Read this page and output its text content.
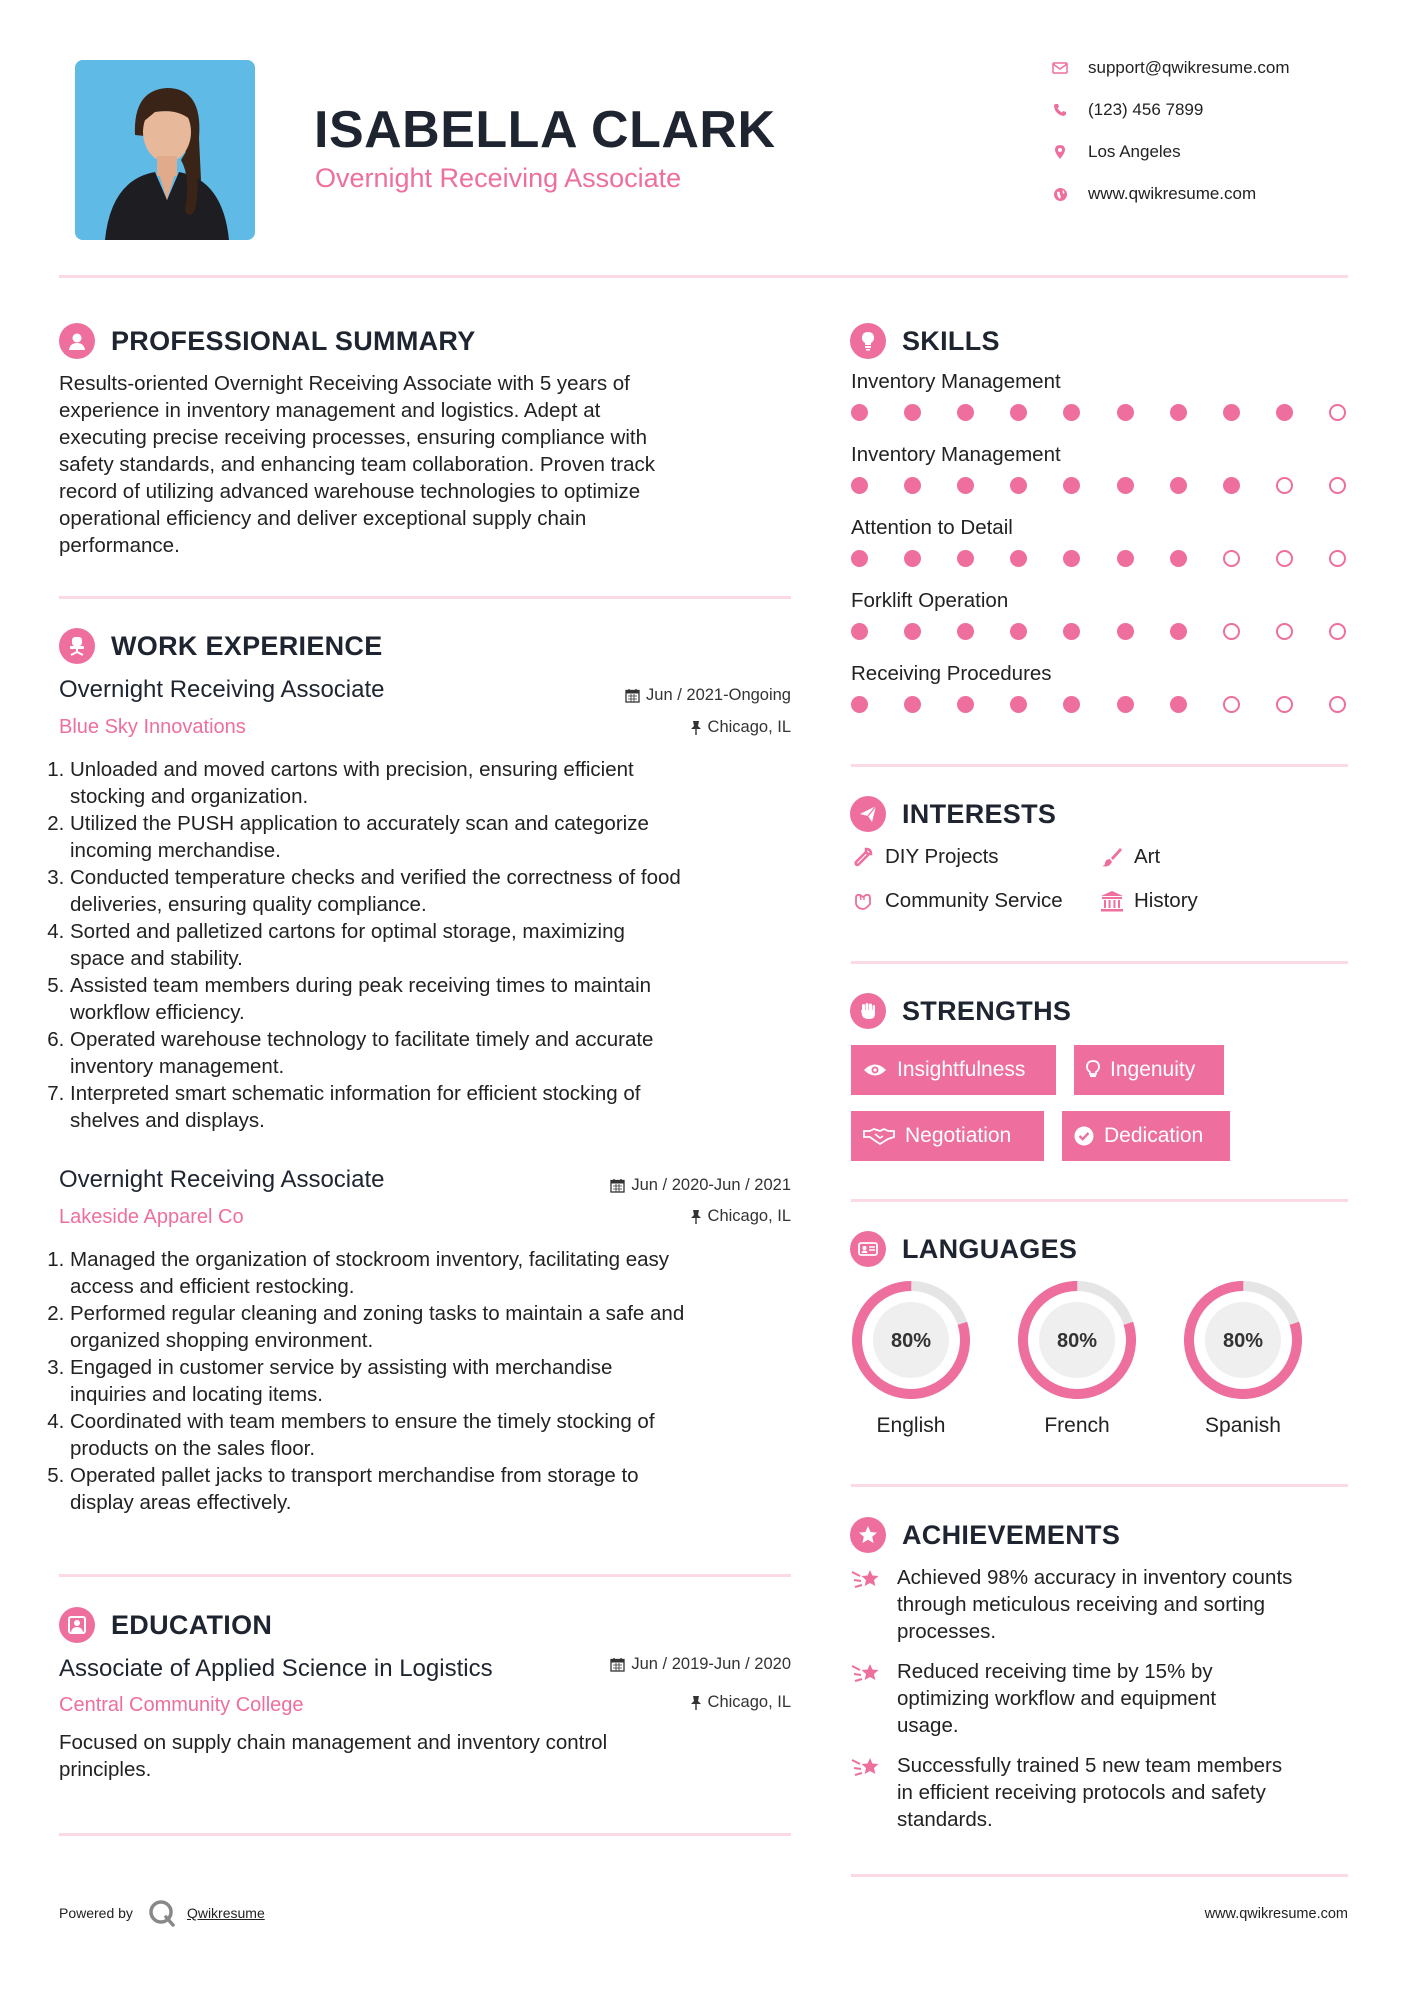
ISABELLA CLARK
Overnight Receiving Associate
support@qwikresume.com
(123) 456 7899
Los Angeles
www.qwikresume.com
PROFESSIONAL SUMMARY
Results-oriented Overnight Receiving Associate with 5 years of
experience in inventory management and logistics. Adept at
executing precise receiving processes, ensuring compliance with
safety standards, and enhancing team collaboration. Proven track
record of utilizing advanced warehouse technologies to optimize
operational efficiency and deliver exceptional supply chain
performance.
WORK EXPERIENCE
Overnight Receiving Associate
Blue Sky Innovations
Jun / 2021-Ongoing
Chicago, IL
1. Unloaded and moved cartons with precision, ensuring efficient
stocking and organization.
2. Utilized the PUSH application to accurately scan and categorize
incoming merchandise.
3. Conducted temperature checks and verified the correctness of food
deliveries, ensuring quality compliance.
4. Sorted and palletized cartons for optimal storage, maximizing
space and stability.
5. Assisted team members during peak receiving times to maintain
workflow efficiency.
6. Operated warehouse technology to facilitate timely and accurate
inventory management.
7. Interpreted smart schematic information for efficient stocking of
shelves and displays.
Overnight Receiving Associate
Lakeside Apparel Co
Jun / 2020-Jun / 2021
Chicago, IL
1. Managed the organization of stockroom inventory, facilitating easy
access and efficient restocking.
2. Performed regular cleaning and zoning tasks to maintain a safe and
organized shopping environment.
3. Engaged in customer service by assisting with merchandise
inquiries and locating items.
4. Coordinated with team members to ensure the timely stocking of
products on the sales floor.
5. Operated pallet jacks to transport merchandise from storage to
display areas effectively.
EDUCATION
Associate of Applied Science in Logistics
Central Community College
Jun / 2019-Jun / 2020
Chicago, IL
Focused on supply chain management and inventory control
principles.
SKILLS
Inventory Management
Inventory Management
Attention to Detail
Forklift Operation
Receiving Procedures
INTERESTS
DIY Projects	Art
Community Service	History
STRENGTHS
Insightfulness	Ingenuity
Negotiation	Dedication
LANGUAGES
80%	80%	80%
English	French	Spanish
ACHIEVEMENTS
Achieved 98% accuracy in inventory counts
through meticulous receiving and sorting
processes.
Reduced receiving time by 15% by
optimizing workflow and equipment
usage.
Successfully trained 5 new team members
in efficient receiving protocols and safety
standards.
Powered by	Qwikresume	www.qwikresume.com
